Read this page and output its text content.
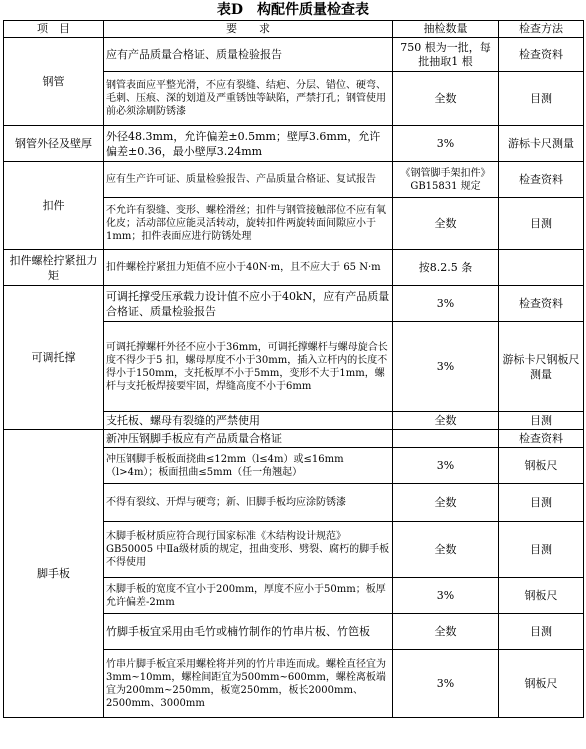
表D　构配件质量检查表
项　目	要　　求	抽检数量	检查方法
钢管	应有产品质量合格证、质量检验报告	750 根为一批，每批抽取1 根	检查资料
	钢管表面应平整光滑，不应有裂缝、结疤、分层、错位、硬弯、毛刺、压痕、深的划道及严重锈蚀等缺陷，严禁打孔；钢管使用前必须涂刷防锈漆	全数	目测
钢管外径及壁厚	外径48.3mm，允许偏差±0.5mm；壁厚3.6mm，允许偏差±0.36，最小壁厚3.24mm	3%	游标卡尺测量
扣件	应有生产许可证、质量检验报告、产品质量合格证、复试报告	《钢管脚手架扣件》GB15831 规定	检查资料
	不允许有裂缝、变形、螺栓滑丝；扣件与钢管接触部位不应有氧化皮；活动部位应能灵活转动，旋转扣件两旋转面间隙应小于1mm；扣件表面应进行防锈处理	全数	目测
扣件螺栓拧紧扭力矩	扣件螺栓拧紧扭力矩值不应小于40N·m，且不应大于 65 N·m	按8.2.5 条	
可调托撑	可调托撑受压承载力设计值不应小于40kN，应有产品质量合格证、质量检验报告	3%	检查资料
	可调托撑螺杆外径不应小于36mm，可调托撑螺杆与螺母旋合长度不得少于5 扣，螺母厚度不小于30mm，插入立杆内的长度不得小于150mm，支托板厚不小于5mm，变形不大于1mm，螺杆与支托板焊接要牢固，焊缝高度不小于6mm	3%	游标卡尺钢板尺测量
	支托板、螺母有裂缝的严禁使用	全数	目测
脚手板	新冲压钢脚手板应有产品质量合格证		检查资料
	冲压钢脚手板板面挠曲≤12mm（l≤4m）或≤16mm（l>4m）；板面扭曲≤5mm（任一角翘起）	3%	钢板尺
	不得有裂纹、开焊与硬弯；新、旧脚手板均应涂防锈漆	全数	目测
	木脚手板材质应符合现行国家标准《木结构设计规范》GB50005 中Ⅱa级材质的规定，扭曲变形、劈裂、腐朽的脚手板不得使用	全数	目测
	木脚手板的宽度不宜小于200mm，厚度不应小于50mm；板厚允许偏差-2mm	3%	钢板尺
	竹脚手板宜采用由毛竹或楠竹制作的竹串片板、竹笆板	全数	目测
	竹串片脚手板宜采用螺栓将并列的竹片串连而成。螺栓直径宜为3mm~10mm，螺栓间距宜为500mm~600mm，螺栓离板端宜为200mm~250mm，板宽250mm，板长2000mm、2500mm、3000mm	3%	钢板尺
